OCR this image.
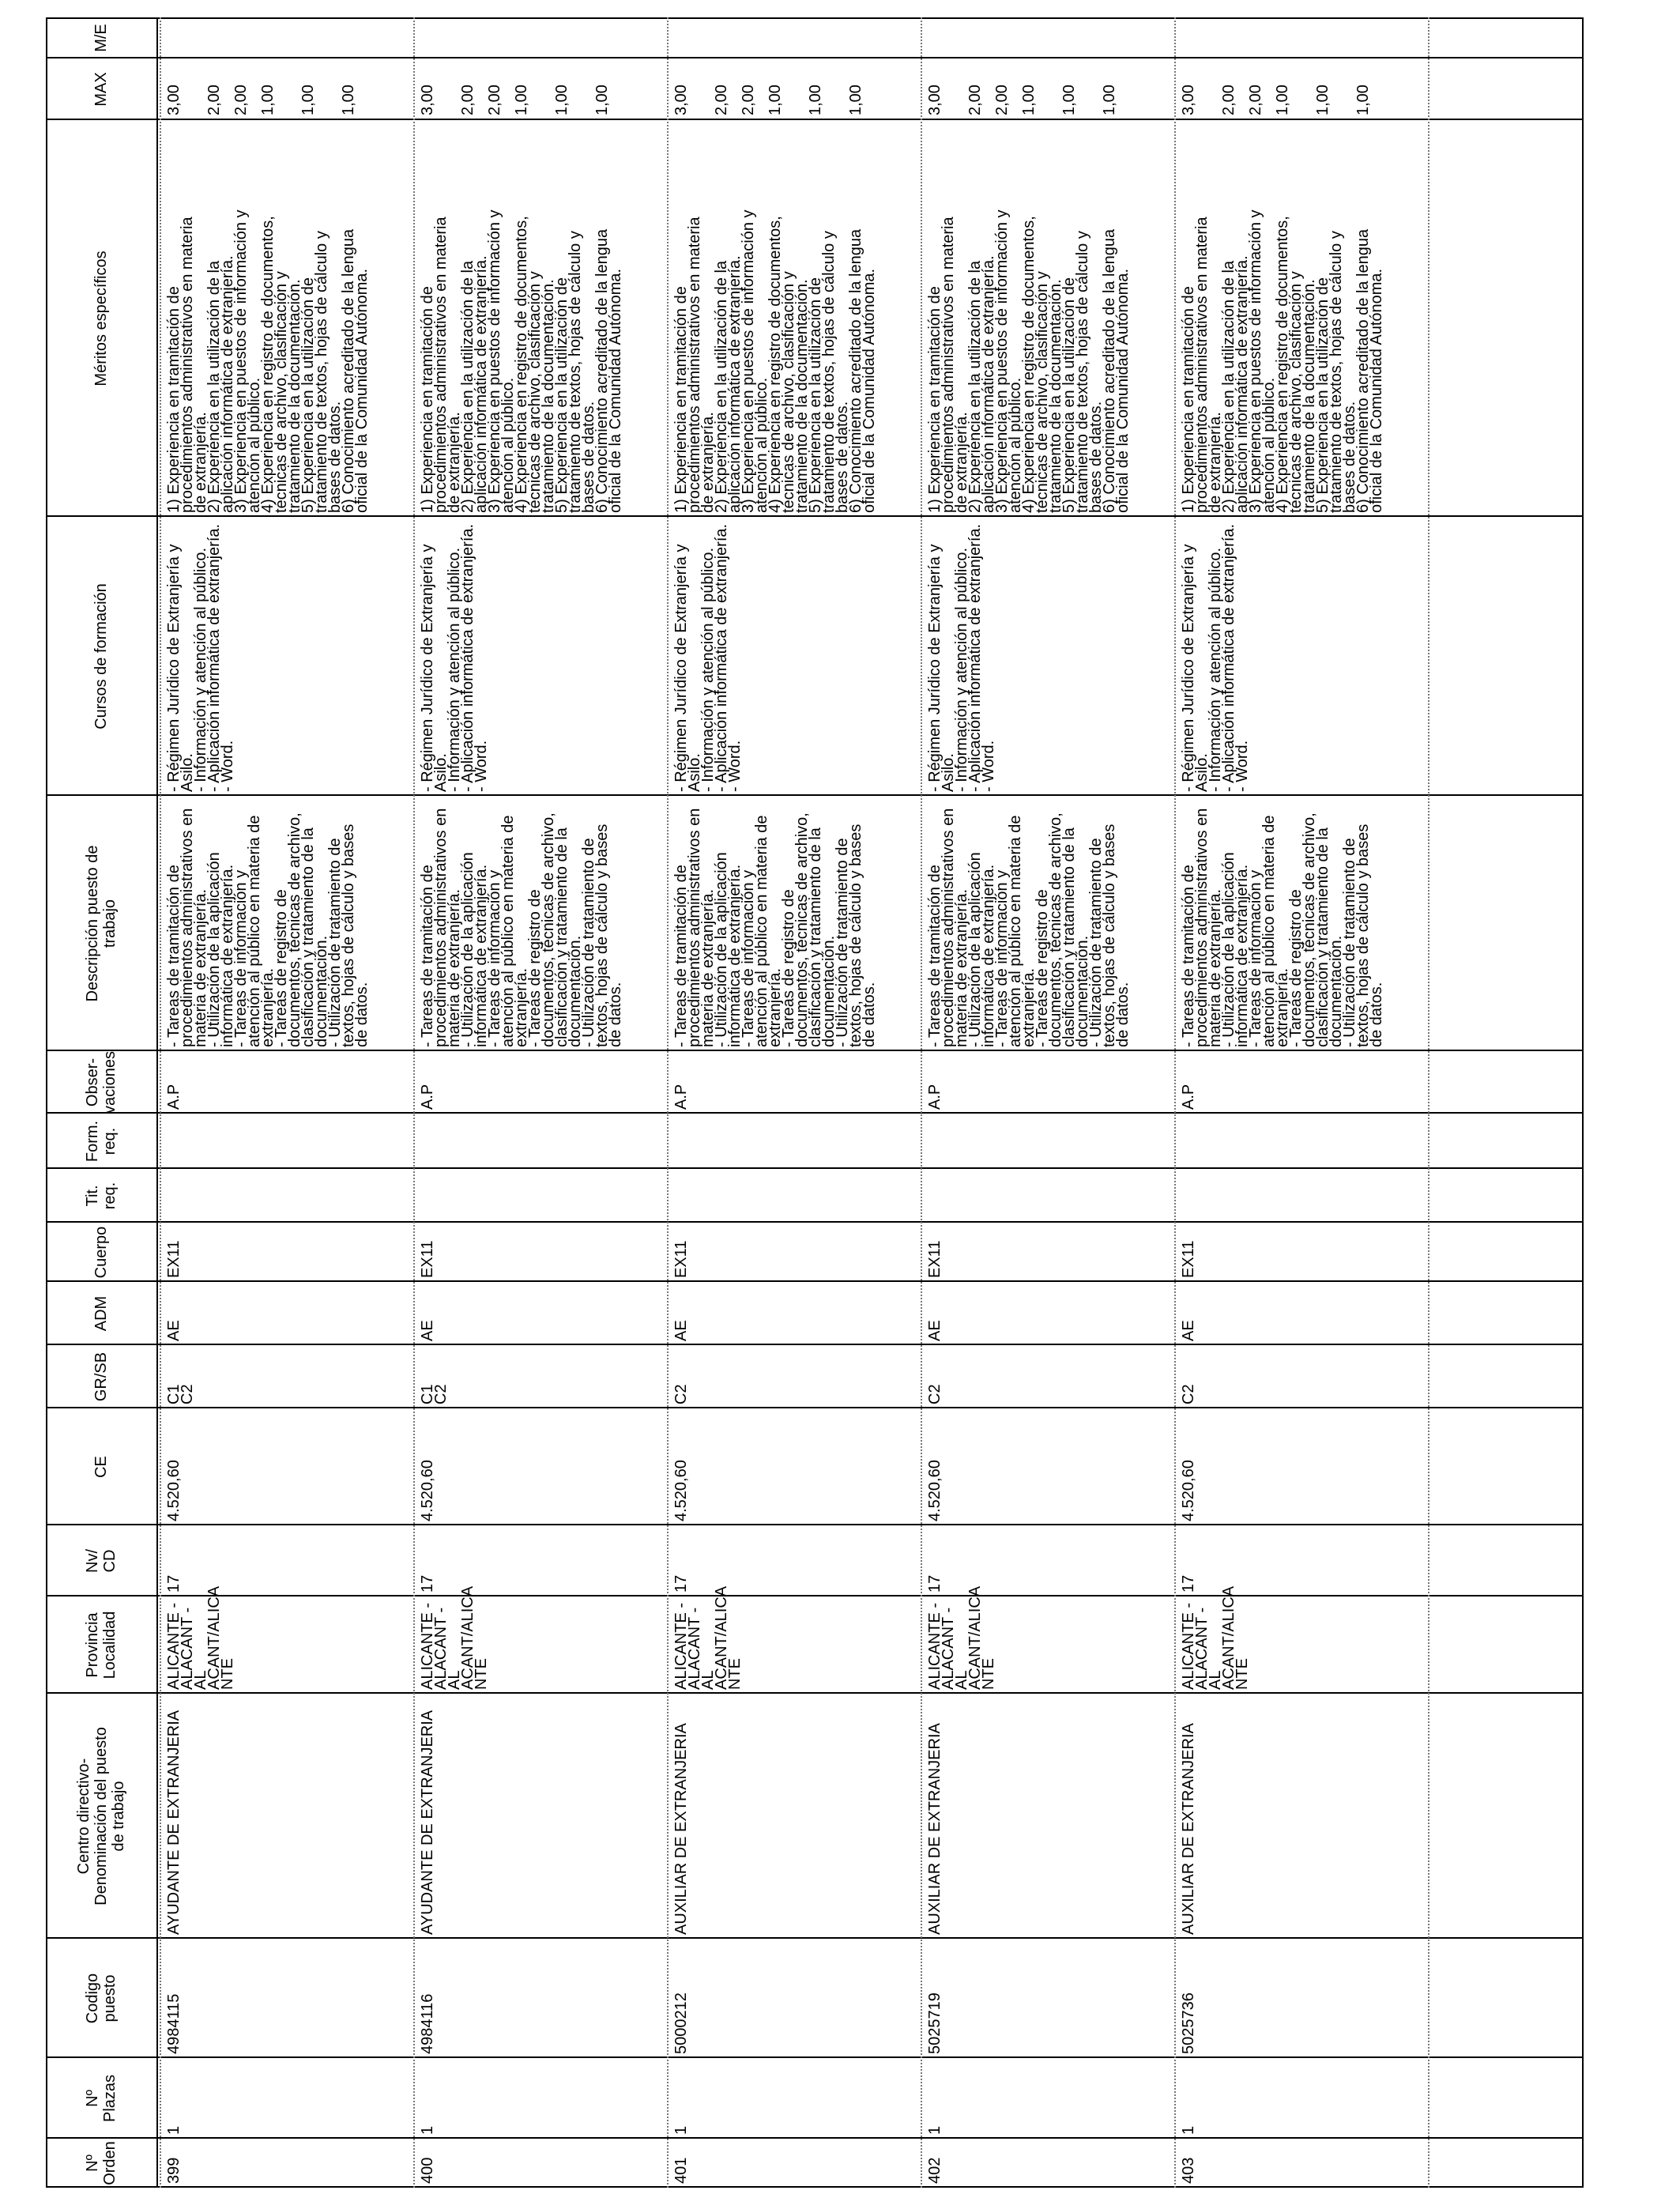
Nº
Orden
Nº
Plazas
Codigo
puesto
Centro directivo-
Denominación del puesto
de trabajo
Provincia
Localidad
Nv/
CD
CE
GR/SB
ADM
Cuerpo
Tit.
req.
Form.
req.
Obser-
vaciones
Descripción puesto de
trabajo
Cursos de formación
Méritos específicos
MAX
M/E
399
1
4984115
AYUDANTE DE EXTRANJERIA
ALICANTE -
ALACANT - AL
ACANT/ALICA
NTE
17
4.520,60
C1
C2
AE
EX11
A.P
- Tareas de tramitación de
procedimientos administrativos en
materia de extranjería.
- Utilización de la aplicación
informática de extranjería.
- Tareas de información y
atención al público en materia de
extranjería.
- Tareas de registro de
documentos, técnicas de archivo,
clasificación y tratamiento de la
documentación.
- Utilización de tratamiento de
textos, hojas de cálculo y bases
de datos.
- Régimen Jurídico de Extranjería y
Asilo.
- Información y atención al público.
- Aplicación informática de extranjería.
- Word.
1) Experiencia en tramitación de
procedimientos administrativos en materia
de extranjería.
2) Experiencia en la utilización de la
aplicación informática de extranjería.
3) Experiencia en puestos de información y
atención al público.
4) Experiencia en registro de documentos,
técnicas de archivo, clasificación y
tratamiento de la documentación.
5) Experiencia en la utilización de
tratamiento de textos, hojas de cálculo y
bases de datos.
6) Conocimiento acreditado de la lengua
oficial de la Comunidad Autónoma.
3,00 2,00 2,00 1,00 1,00 1,00
400
1
4984116
AYUDANTE DE EXTRANJERIA
ALICANTE -
ALACANT - AL
ACANT/ALICA
NTE
17
4.520,60
C1
C2
AE
EX11
A.P
- Tareas de tramitación de
procedimientos administrativos en
materia de extranjería.
- Utilización de la aplicación
informática de extranjería.
- Tareas de información y
atención al público en materia de
extranjería.
- Tareas de registro de
documentos, técnicas de archivo,
clasificación y tratamiento de la
documentación.
- Utilización de tratamiento de
textos, hojas de cálculo y bases
de datos.
- Régimen Jurídico de Extranjería y
Asilo.
- Información y atención al público.
- Aplicación informática de extranjería.
- Word.
1) Experiencia en tramitación de
procedimientos administrativos en materia
de extranjería.
2) Experiencia en la utilización de la
aplicación informática de extranjería.
3) Experiencia en puestos de información y
atención al público.
4) Experiencia en registro de documentos,
técnicas de archivo, clasificación y
tratamiento de la documentación.
5) Experiencia en la utilización de
tratamiento de textos, hojas de cálculo y
bases de datos.
6) Conocimiento acreditado de la lengua
oficial de la Comunidad Autónoma.
3,00 2,00 2,00 1,00 1,00 1,00
401
1
5000212
AUXILIAR DE EXTRANJERIA
ALICANTE -
ALACANT - AL
ACANT/ALICA
NTE
17
4.520,60
C2
AE
EX11
A.P
- Tareas de tramitación de
procedimientos administrativos en
materia de extranjería.
- Utilización de la aplicación
informática de extranjería.
- Tareas de información y
atención al público en materia de
extranjería.
- Tareas de registro de
documentos, técnicas de archivo,
clasificación y tratamiento de la
documentación.
- Utilización de tratamiento de
textos, hojas de cálculo y bases
de datos.
- Régimen Jurídico de Extranjería y
Asilo.
- Información y atención al público.
- Aplicación informática de extranjería.
- Word.
1) Experiencia en tramitación de
procedimientos administrativos en materia
de extranjería.
2) Experiencia en la utilización de la
aplicación informática de extranjería.
3) Experiencia en puestos de información y
atención al público.
4) Experiencia en registro de documentos,
técnicas de archivo, clasificación y
tratamiento de la documentación.
5) Experiencia en la utilización de
tratamiento de textos, hojas de cálculo y
bases de datos.
6) Conocimiento acreditado de la lengua
oficial de la Comunidad Autónoma.
3,00 2,00 2,00 1,00 1,00 1,00
402
1
5025719
AUXILIAR DE EXTRANJERIA
ALICANTE -
ALACANT - AL
ACANT/ALICA
NTE
17
4.520,60
C2
AE
EX11
A.P
- Tareas de tramitación de
procedimientos administrativos en
materia de extranjería.
- Utilización de la aplicación
informática de extranjería.
- Tareas de información y
atención al público en materia de
extranjería.
- Tareas de registro de
documentos, técnicas de archivo,
clasificación y tratamiento de la
documentación.
- Utilización de tratamiento de
textos, hojas de cálculo y bases
de datos.
- Régimen Jurídico de Extranjería y
Asilo.
- Información y atención al público.
- Aplicación informática de extranjería.
- Word.
1) Experiencia en tramitación de
procedimientos administrativos en materia
de extranjería.
2) Experiencia en la utilización de la
aplicación informática de extranjería.
3) Experiencia en puestos de información y
atención al público.
4) Experiencia en registro de documentos,
técnicas de archivo, clasificación y
tratamiento de la documentación.
5) Experiencia en la utilización de
tratamiento de textos, hojas de cálculo y
bases de datos.
6) Conocimiento acreditado de la lengua
oficial de la Comunidad Autónoma.
3,00 2,00 2,00 1,00 1,00 1,00
403
1
5025736
AUXILIAR DE EXTRANJERIA
ALICANTE -
ALACANT - AL
ACANT/ALICA
NTE
17
4.520,60
C2
AE
EX11
A.P
- Tareas de tramitación de
procedimientos administrativos en
materia de extranjería.
- Utilización de la aplicación
informática de extranjería.
- Tareas de información y
atención al público en materia de
extranjería.
- Tareas de registro de
documentos, técnicas de archivo,
clasificación y tratamiento de la
documentación.
- Utilización de tratamiento de
textos, hojas de cálculo y bases
de datos.
- Régimen Jurídico de Extranjería y
Asilo.
- Información y atención al público.
- Aplicación informática de extranjería.
- Word.
1) Experiencia en tramitación de
procedimientos administrativos en materia
de extranjería.
2) Experiencia en la utilización de la
aplicación informática de extranjería.
3) Experiencia en puestos de información y
atención al público.
4) Experiencia en registro de documentos,
técnicas de archivo, clasificación y
tratamiento de la documentación.
5) Experiencia en la utilización de
tratamiento de textos, hojas de cálculo y
bases de datos.
6) Conocimiento acreditado de la lengua
oficial de la Comunidad Autónoma.
3,00 2,00 2,00 1,00 1,00 1,00
